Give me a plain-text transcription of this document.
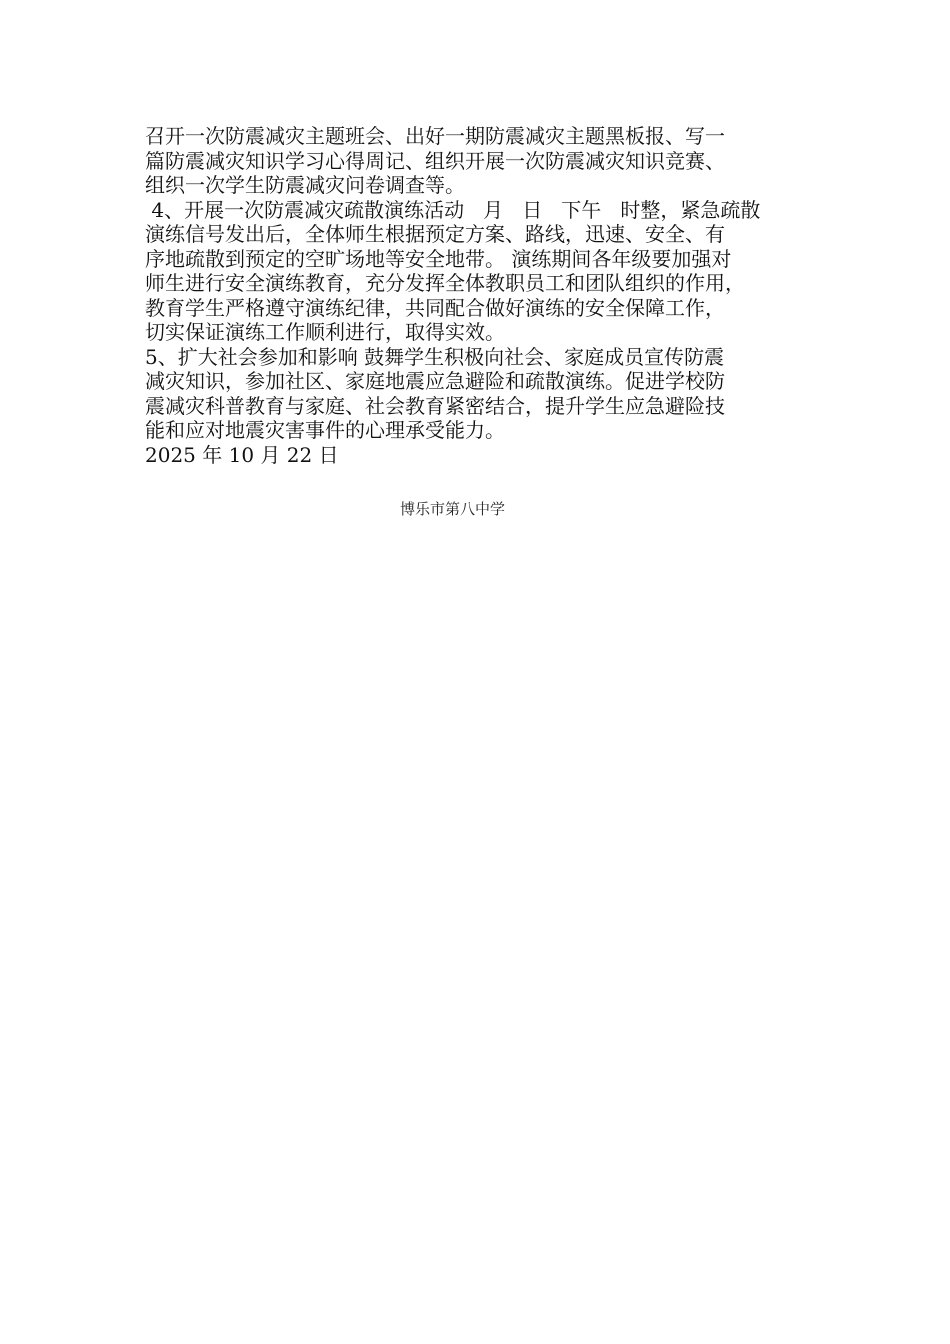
召开一次防震减灾主题班会、出好一期防震减灾主题黑板报、写一
篇防震减灾知识学习心得周记、组织开展一次防震减灾知识竞赛、
组织一次学生防震减灾问卷调查等。
4、开展一次防震减灾疏散演练活动   月   日   下午   时整，紧急疏散
演练信号发出后，全体师生根据预定方案、路线，迅速、安全、有
序地疏散到预定的空旷场地等安全地带。 演练期间各年级要加强对
师生进行安全演练教育，充分发挥全体教职员工和团队组织的作用，
教育学生严格遵守演练纪律，共同配合做好演练的安全保障工作，
切实保证演练工作顺利进行，取得实效。
5、扩大社会参加和影响 鼓舞学生积极向社会、家庭成员宣传防震
减灾知识，参加社区、家庭地震应急避险和疏散演练。促进学校防
震减灾科普教育与家庭、社会教育紧密结合，提升学生应急避险技
能和应对地震灾害事件的心理承受能力。
2025 年 10 月 22 日
博乐市第八中学
